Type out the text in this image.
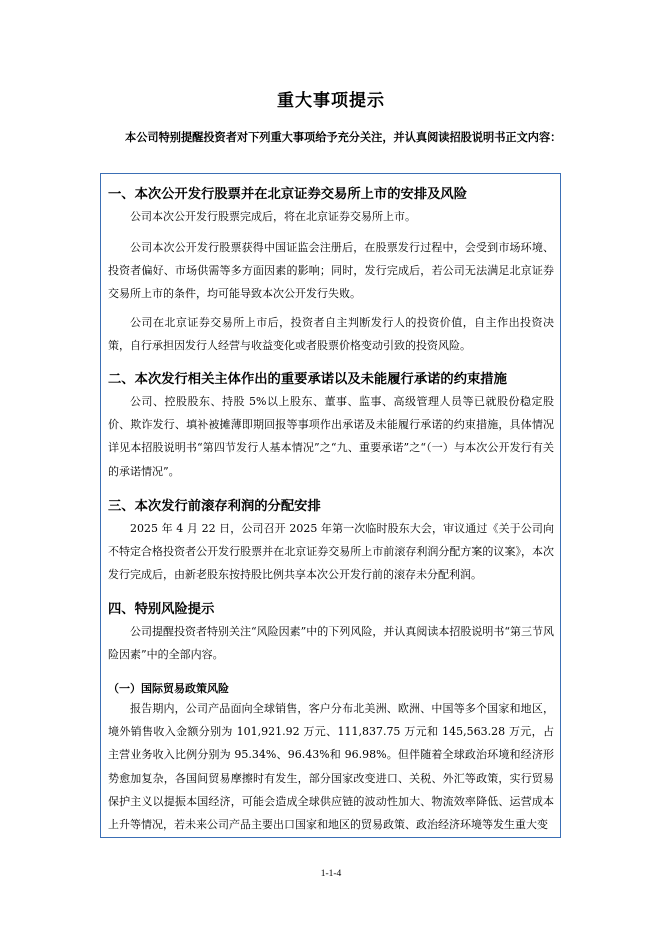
重大事项提示
本公司特别提醒投资者对下列重大事项给予充分关注，并认真阅读招股说明书正文内容：
一、本次公开发行股票并在北京证券交易所上市的安排及风险
公司本次公开发行股票完成后，将在北京证券交易所上市。
公司本次公开发行股票获得中国证监会注册后，在股票发行过程中，会受到市场环境、投资者偏好、市场供需等多方面因素的影响；同时，发行完成后，若公司无法满足北京证券交易所上市的条件，均可能导致本次公开发行失败。
公司在北京证券交易所上市后，投资者自主判断发行人的投资价值，自主作出投资决策，自行承担因发行人经营与收益变化或者股票价格变动引致的投资风险。
二、本次发行相关主体作出的重要承诺以及未能履行承诺的约束措施
公司、控股股东、持股 5%以上股东、董事、监事、高级管理人员等已就股份稳定股价、欺诈发行、填补被摊薄即期回报等事项作出承诺及未能履行承诺的约束措施，具体情况详见本招股说明书“第四节发行人基本情况”之“九、重要承诺”之“（一）与本次公开发行有关的承诺情况”。
三、本次发行前滚存利润的分配安排
2025 年 4 月 22 日，公司召开 2025 年第一次临时股东大会，审议通过《关于公司向不特定合格投资者公开发行股票并在北京证券交易所上市前滚存利润分配方案的议案》，本次发行完成后，由新老股东按持股比例共享本次公开发行前的滚存未分配利润。
四、特别风险提示
公司提醒投资者特别关注“风险因素”中的下列风险，并认真阅读本招股说明书“第三节风险因素”中的全部内容。
（一）国际贸易政策风险
报告期内，公司产品面向全球销售，客户分布北美洲、欧洲、中国等多个国家和地区，境外销售收入金额分别为 101,921.92 万元、111,837.75 万元和 145,563.28 万元，占主营业务收入比例分别为 95.34%、96.43%和 96.98%。但伴随着全球政治环境和经济形势愈加复杂，各国间贸易摩擦时有发生，部分国家改变进口、关税、外汇等政策，实行贸易保护主义以提振本国经济，可能会造成全球供应链的波动性加大、物流效率降低、运营成本上升等情况，若未来公司产品主要出口国家和地区的贸易政策、政治经济环境等发生重大变
1-1-4
